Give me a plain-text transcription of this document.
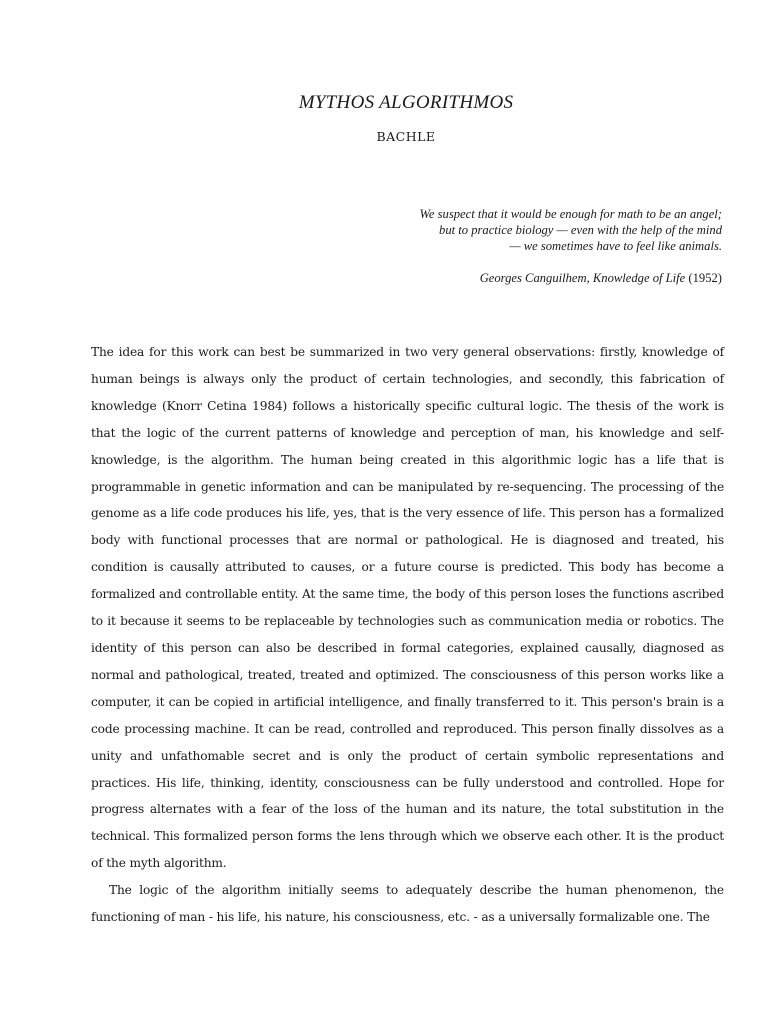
MYTHOS ALGORITHMOS
BACHLE
We suspect that it would be enough for math to be an angel;
but to practice biology — even with the help of the mind
— we sometimes have to feel like animals.
Georges Canguilhem, Knowledge of Life (1952)

The idea for this work can best be summarized in two very general observations: firstly, knowledge of human beings is always only the product of certain technologies, and secondly, this fabrication of knowledge (Knorr Cetina 1984) follows a historically specific cultural logic. The thesis of the work is that the logic of the current patterns of knowledge and perception of man, his knowledge and self-knowledge, is the algorithm. The human being created in this algorithmic logic has a life that is programmable in genetic information and can be manipulated by re-sequencing. The processing of the genome as a life code produces his life, yes, that is the very essence of life. This person has a formalized body with functional processes that are normal or pathological. He is diagnosed and treated, his condition is causally attributed to causes, or a future course is predicted. This body has become a formalized and controllable entity. At the same time, the body of this person loses the functions ascribed to it because it seems to be replaceable by technologies such as communication media or robotics. The identity of this person can also be described in formal categories, explained causally, diagnosed as normal and pathological, treated, treated and optimized. The consciousness of this person works like a computer, it can be copied in artificial intelligence, and finally transferred to it. This person's brain is a code processing machine. It can be read, controlled and reproduced. This person finally dissolves as a unity and unfathomable secret and is only the product of certain symbolic representations and practices. His life, thinking, identity, consciousness can be fully understood and controlled. Hope for progress alternates with a fear of the loss of the human and its nature, the total substitution in the technical. This formalized person forms the lens through which we observe each other. It is the product of the myth algorithm.

The logic of the algorithm initially seems to adequately describe the human phenomenon, the functioning of man - his life, his nature, his consciousness, etc. - as a universally formalizable one. The
